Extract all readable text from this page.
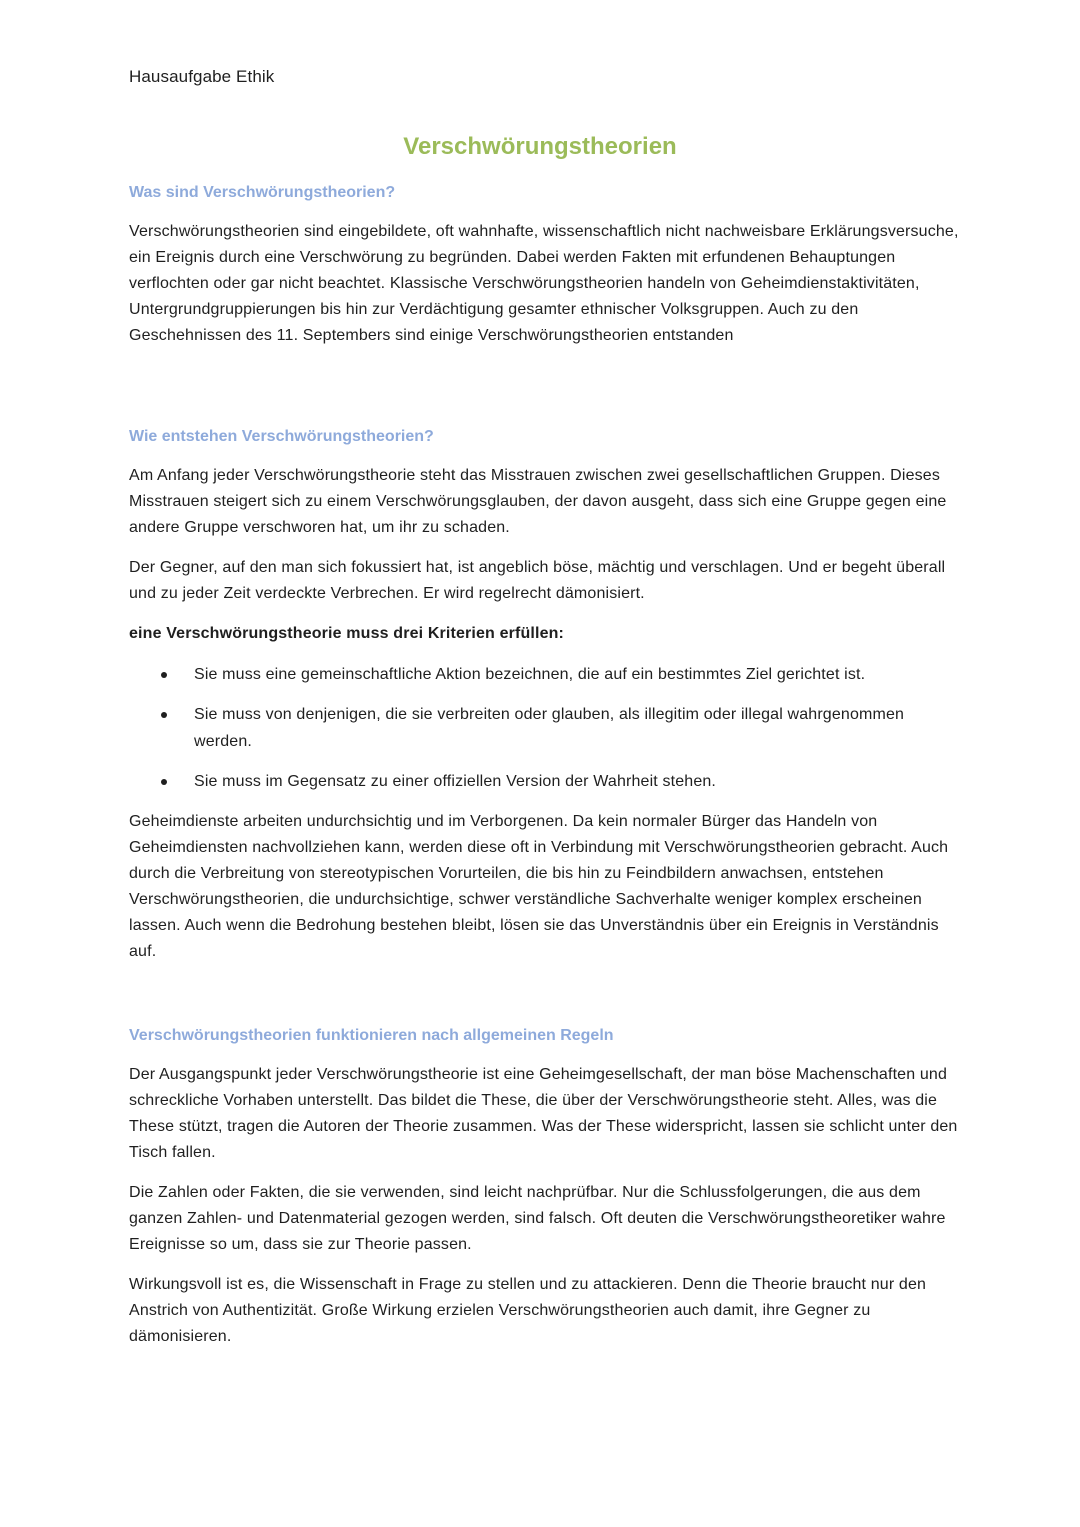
Hausaufgabe Ethik
Verschwörungstheorien
Was sind Verschwörungstheorien?

Verschwörungstheorien sind eingebildete, oft wahnhafte, wissenschaftlich nicht nachweisbare Erklärungsversuche, ein Ereignis durch eine Verschwörung zu begründen. Dabei werden Fakten mit erfundenen Behauptungen verflochten oder gar nicht beachtet. Klassische Verschwörungstheorien handeln von Geheimdienstaktivitäten, Untergrundgruppierungen bis hin zur Verdächtigung gesamter ethnischer Volksgruppen. Auch zu den Geschehnissen des 11. Septembers sind einige Verschwörungstheorien entstanden

Wie entstehen Verschwörungstheorien?

Am Anfang jeder Verschwörungstheorie steht das Misstrauen zwischen zwei gesellschaftlichen Gruppen. Dieses Misstrauen steigert sich zu einem Verschwörungsglauben, der davon ausgeht, dass sich eine Gruppe gegen eine andere Gruppe verschworen hat, um ihr zu schaden.

Der Gegner, auf den man sich fokussiert hat, ist angeblich böse, mächtig und verschlagen. Und er begeht überall und zu jeder Zeit verdeckte Verbrechen. Er wird regelrecht dämonisiert.

eine Verschwörungstheorie muss drei Kriterien erfüllen:

Sie muss eine gemeinschaftliche Aktion bezeichnen, die auf ein bestimmtes Ziel gerichtet ist.
Sie muss von denjenigen, die sie verbreiten oder glauben, als illegitim oder illegal wahrgenommen werden.
Sie muss im Gegensatz zu einer offiziellen Version der Wahrheit stehen.

Geheimdienste arbeiten undurchsichtig und im Verborgenen. Da kein normaler Bürger das Handeln von Geheimdiensten nachvollziehen kann, werden diese oft in Verbindung mit Verschwörungstheorien gebracht. Auch durch die Verbreitung von stereotypischen Vorurteilen, die bis hin zu Feindbildern anwachsen, entstehen Verschwörungstheorien, die undurchsichtige, schwer verständliche Sachverhalte weniger komplex erscheinen lassen. Auch wenn die Bedrohung bestehen bleibt, lösen sie das Unverständnis über ein Ereignis in Verständnis auf.

Verschwörungstheorien funktionieren nach allgemeinen Regeln

Der Ausgangspunkt jeder Verschwörungstheorie ist eine Geheimgesellschaft, der man böse Machenschaften und schreckliche Vorhaben unterstellt. Das bildet die These, die über der Verschwörungstheorie steht. Alles, was die These stützt, tragen die Autoren der Theorie zusammen. Was der These widerspricht, lassen sie schlicht unter den Tisch fallen.

Die Zahlen oder Fakten, die sie verwenden, sind leicht nachprüfbar. Nur die Schlussfolgerungen, die aus dem ganzen Zahlen- und Datenmaterial gezogen werden, sind falsch. Oft deuten die Verschwörungstheoretiker wahre Ereignisse so um, dass sie zur Theorie passen.

Wirkungsvoll ist es, die Wissenschaft in Frage zu stellen und zu attackieren. Denn die Theorie braucht nur den Anstrich von Authentizität. Große Wirkung erzielen Verschwörungstheorien auch damit, ihre Gegner zu dämonisieren.
